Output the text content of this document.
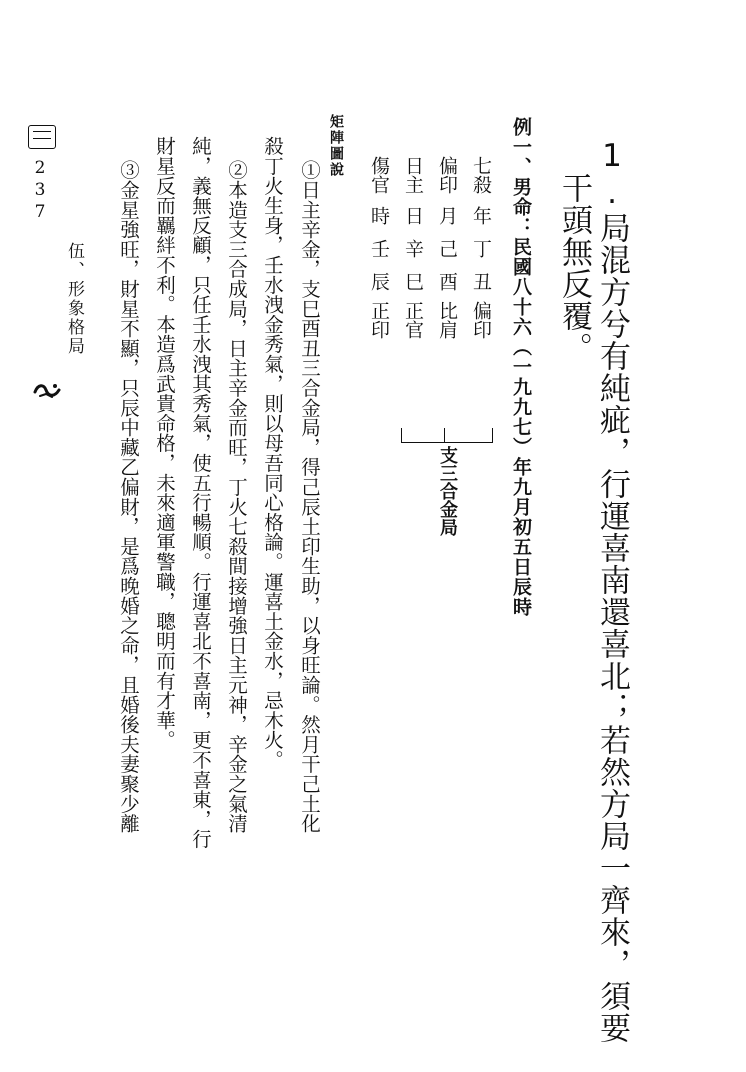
1.局混方兮有純疵，行運喜南還喜北；若然方局一齊來，須要
干頭無反覆。
例一、男命：民國八十六（一九九七）年九月初五日辰時
七殺年丁丑偏印
偏印月己酉比肩
日主日辛巳正官
傷官時壬辰正印
支三合金局
矩陣圖說
①日主辛金，支巳酉丑三合金局，得己辰土印生助，以身旺論。然月干己土化
殺丁火生身，壬水洩金秀氣，則以母吾同心格論。運喜土金水，忌木火。
②本造支三合成局，日主辛金而旺，丁火七殺間接增強日主元神，辛金之氣清
純，義無反顧，只任壬水洩其秀氣，使五行暢順。行運喜北不喜南，更不喜東，行
財星反而羈絆不利。本造爲武貴命格，未來適軍警職，聰明而有才華。
③金星強旺，財星不顯，只辰中藏乙偏財，是爲晚婚之命，且婚後夫妻聚少離
237
伍、形象格局
